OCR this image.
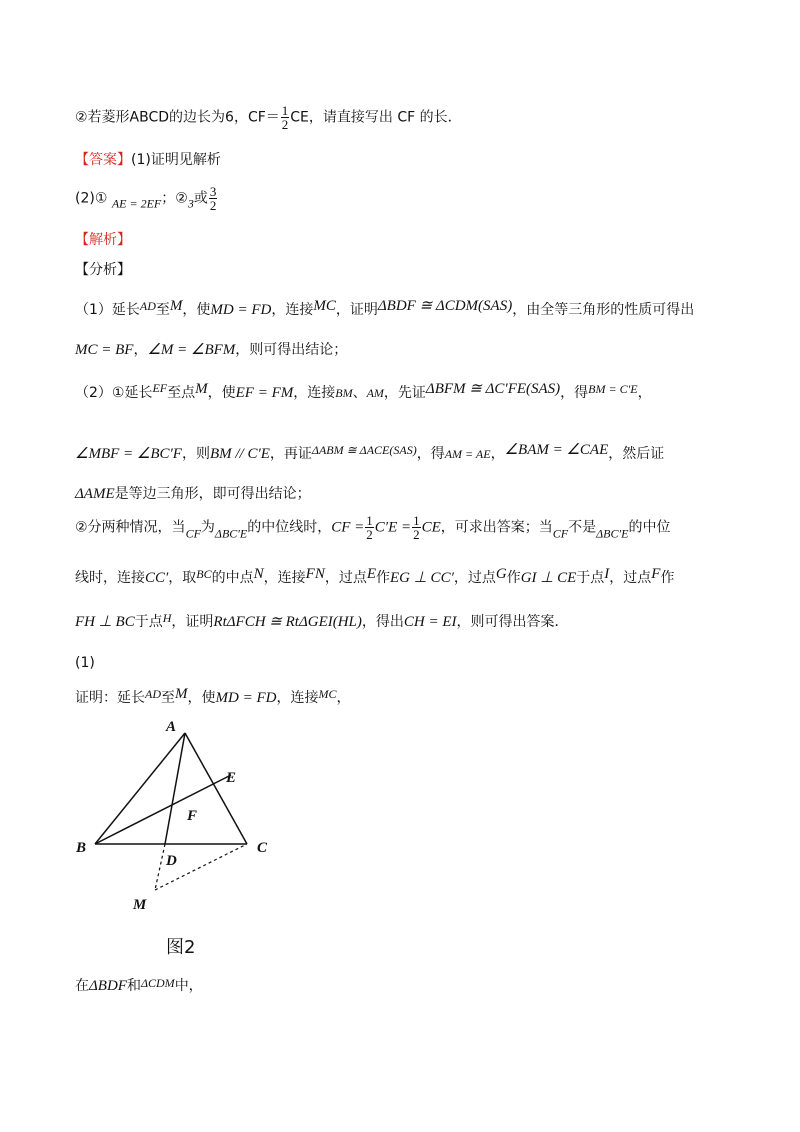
②若菱形ABCD的边长为6，$CF= \frac{1}{2}$ CE，请直接写出 CF 的长．
【答案】(1)证明见解析
(2)① AE = 2EF；②3或 $\frac{3}{2}$
【解析】
【分析】
（1）延长AD至M，使MD = FD，连接MC，证明ΔBDF ≅ ΔCDM(SAS)，由全等三角形的性质可得出
MC = BF，∠M = ∠BFM，则可得出结论；
（2）①延长EF至点M，使EF = FM，连接BM、AM，先证ΔBFM ≅ ΔC′FE(SAS)，得BM = C′E，
∠MBF = ∠BC′F，则BM // C′E，再证ΔABM ≅ ΔACE(SAS)，得AM = AE，∠BAM = ∠CAE，然后证
ΔAME是等边三角形，即可得出结论；
②分两种情况，当CF为ΔBC′E的中位线时，CF = $\frac{1}{2} C'E = \frac{1}{2}$ CE，可求出答案；当CF不是ΔBC′E的中位
线时，连接CC′，取BC的中点N，连接FN，过点E作EG ⊥ CC′，过点G作GI ⊥ CE于点I，过点F作
FH ⊥ BC于点H，证明RtΔFCH ≅ RtΔGEI(HL)，得出CH = EI，则可得出答案．
(1)
证明：延长AD至M，使MD = FD，连接MC，
A
B	C
D
E
F
M
图2
在ΔBDF和ΔCDM中，
